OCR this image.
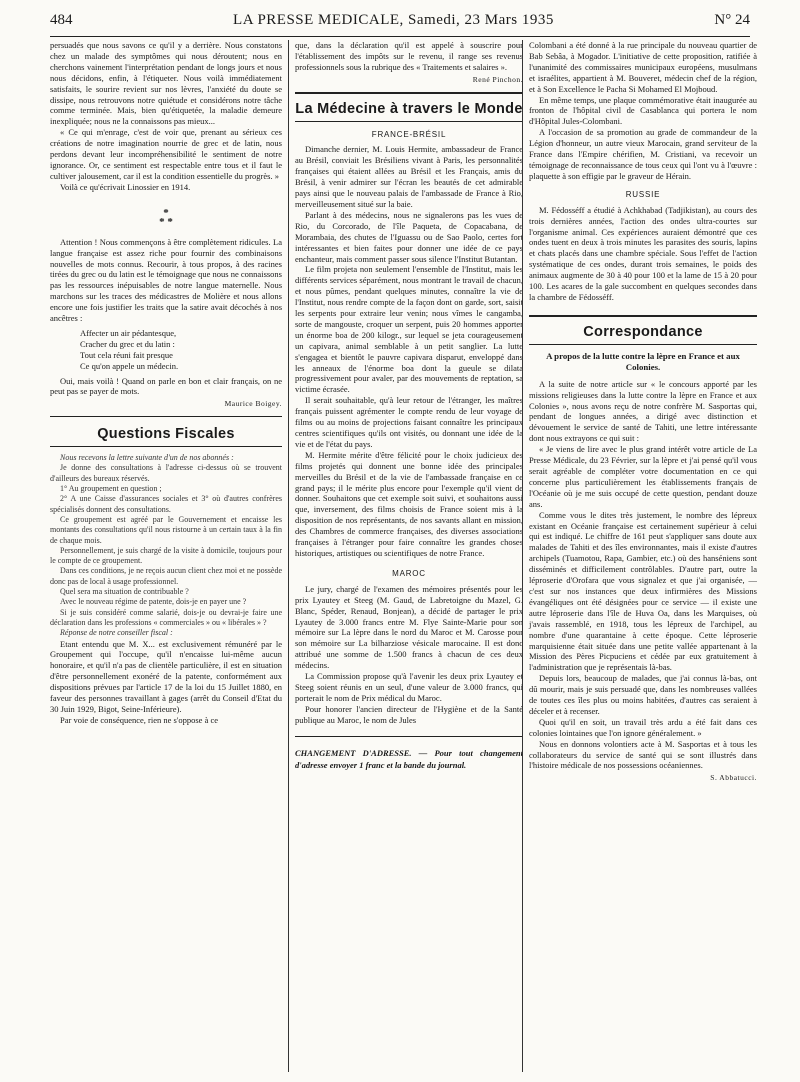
484	LA PRESSE MEDICALE, Samedi, 23 Mars 1935	N° 24

persuadés que nous savons ce qu'il y a derrière. Nous constatons chez un malade des symptômes qui nous déroutent; nous en cherchons vainement l'interprétation pendant de longs jours et nous nous décidons, enfin, à l'étiqueter. Nous voilà immédiatement satisfaits, le sourire revient sur nos lèvres, l'anxiété du doute se dissipe, nous retrouvons notre quiétude et considérons notre tâche comme terminée. Mais, bien qu'étiquetée, la maladie demeure inexpliquée; nous ne la connaissons pas mieux...

« Ce qui m'enrage, c'est de voir que, prenant au sérieux ces créations de notre imagination nourrie de grec et de latin, nous perdons devant leur incompréhensibilité le sentiment de notre ignorance. Or, ce sentiment est respectable entre tous et il faut le cultiver jalousement, car il est la condition essentielle du progrès. »

Voilà ce qu'écrivait Linossier en 1914.

*
* *

Attention ! Nous commençons à être complètement ridicules. La langue française est assez riche pour fournir des combinaisons nouvelles de mots connus. Recourir, à tous propos, à des racines tirées du grec ou du latin est le témoignage que nous ne connaissons pas les ressources inépuisables de notre langue maternelle. Nous marchons sur les traces des médicastres de Molière et nous allons encore une fois justifier les traits que la satire avait décochés à nos ancêtres :

Affecter un air pédantesque,
Cracher du grec et du latin :
Tout cela réuni fait presque
Ce qu'on appele un médecin.

Oui, mais voilà ! Quand on parle en bon et clair français, on ne peut pas se payer de mots.

Maurice Boigey.
Questions Fiscales

Nous recevons la lettre suivante d'un de nos abonnés :

Je donne des consultations à l'adresse ci-dessus où se trouvent d'ailleurs des bureaux réservés.

1° Au groupement en question ;

2° A une Caisse d'assurances sociales et 3° où d'autres confrères spécialisés donnent des consultations.

Ce groupement est agréé par le Gouvernement et encaisse les montants des consultations qu'il nous ristourne à un certain taux à la fin de chaque mois.

Personnellement, je suis chargé de la visite à domicile, toujours pour le compte de ce groupement.

Dans ces conditions, je ne reçois aucun client chez moi et ne possède donc pas de local à usage professionnel.

Quel sera ma situation de contribuable ?

Avec le nouveau régime de patente, dois-je en payer une ?

Si je suis considéré comme salarié, dois-je ou devrai-je faire une déclaration dans les professions « commerciales » ou « libérales » ?

Réponse de notre conseiller fiscal :

Etant entendu que M. X... est exclusivement rémunéré par le Groupement qui l'occupe, qu'il n'encaisse lui-même aucun honoraire, et qu'il n'a pas de clientèle particulière, il est en situation d'être personnellement exonéré de la patente, conformément aux dispositions prévues par l'article 17 de la loi du 15 Juillet 1880, en faveur des personnes travaillant à gages (arrêt du Conseil d'Etat du 30 Juin 1929, Bigot, Seine-Inférieure).

Par voie de conséquence, rien ne s'oppose à ce

que, dans la déclaration qu'il est appelé à souscrire pour l'établissement des impôts sur le revenu, il range ses revenus professionnels sous la rubrique des « Traitements et salaires ».

René Pinchon.
La Médecine à travers le Monde
FRANCE-BRÉSIL

Dimanche dernier, M. Louis Hermite, ambassadeur de France au Brésil, conviait les Brésiliens vivant à Paris, les personnalités françaises qui étaient allées au Brésil et les Français, amis du Brésil, à venir admirer sur l'écran les beautés de cet admirable pays ainsi que le nouveau palais de l'ambassade de France à Rio, merveilleusement situé sur la baie.

Parlant à des médecins, nous ne signalerons pas les vues de Rio, du Corcorado, de l'île Paqueta, de Copacabana, de Morambaia, des chutes de l'Iguassu ou de Sao Paolo, certes fort intéressantes et bien faites pour donner une idée de ce pays enchanteur, mais comment passer sous silence l'Institut Butantan.

Le film projeta non seulement l'ensemble de l'Institut, mais les différents services séparément, nous montrant le travail de chacun, et nous pûmes, pendant quelques minutes, connaître la vie de l'Institut, nous rendre compte de la façon dont on garde, sort, saisit les serpents pour extraire leur venin; nous vîmes le cangamba, sorte de mangouste, croquer un serpent, puis 20 hommes apporter un énorme boa de 200 kilogr., sur lequel se jeta courageusement un capivara, animal semblable à un petit sanglier. La lutte s'engagea et bientôt le pauvre capivara disparut, enveloppé dans les anneaux de l'énorme boa dont la gueule se dilata progressivement pour avaler, par des mouvements de reptation, sa victime écrasée.

Il serait souhaitable, qu'à leur retour de l'étranger, les maîtres français puissent agrémenter le compte rendu de leur voyage de films ou au moins de projections faisant connaître les principaux centres scientifiques qu'ils ont visités, ou donnant une idée de la vie et de l'état du pays.

M. Hermite mérite d'être félicité pour le choix judicieux des films projetés qui donnent une bonne idée des principales merveilles du Brésil et de la vie de l'ambassade française en ce grand pays; il le mérite plus encore pour l'exemple qu'il vient de donner. Souhaitons que cet exemple soit suivi, et souhaitons aussi que, inversement, des films choisis de France soient mis à la disposition de nos représentants, de nos savants allant en mission, des Chambres de commerce françaises, des diverses associations françaises à l'étranger pour faire connaître les grandes choses historiques, artistiques ou scientifiques de notre France.

MAROC

Le jury, chargé de l'examen des mémoires présentés pour les prix Lyautey et Steeg (M. Gaud, de Labretoigne du Mazel, G. Blanc, Spéder, Renaud, Bonjean), a décidé de partager le prix Lyautey de 3.000 francs entre M. Flye Sainte-Marie pour son mémoire sur La lèpre dans le nord du Maroc et M. Carosse pour son mémoire sur La bilharziose vésicale marocaine. Il est donc attribué une somme de 1.500 francs à chacun de ces deux médecins.

La Commission propose qu'à l'avenir les deux prix Lyautey et Steeg soient réunis en un seul, d'une valeur de 3.000 francs, qui porterait le nom de Prix médical du Maroc.

Pour honorer l'ancien directeur de l'Hygiène et de la Santé publique au Maroc, le nom de Jules

CHANGEMENT D'ADRESSE. — Pour tout changement d'adresse envoyer 1 franc et la bande du journal.

Colombani a été donné à la rue principale du nouveau quartier de Bab Sebâa, à Mogador. L'initiative de cette proposition, ratifiée à l'unanimité des commissaires municipaux européens, musulmans et israélites, appartient à M. Bouveret, médecin chef de la région, et à Son Excellence le Pacha Si Mohamed El Mojboud.

En même temps, une plaque commémorative était inaugurée au fronton de l'hôpital civil de Casablanca qui portera le nom d'Hôpital Jules-Colombani.

A l'occasion de sa promotion au grade de commandeur de la Légion d'honneur, un autre vieux Marocain, grand serviteur de la France dans l'Empire chérifien, M. Cristiani, va recevoir un témoignage de reconnaissance de tous ceux qui l'ont vu à l'œuvre : plaquette à son effigie par le graveur de Hérain.

RUSSIE

M. Fédosséff a étudié à Achkhabad (Tadjikistan), au cours des trois dernières années, l'action des ondes ultra-courtes sur l'organisme animal. Ces expériences auraient démontré que ces ondes tuent en deux à trois minutes les parasites des souris, lapins et chats placés dans une chambre spéciale. Sous l'effet de l'action systématique de ces ondes, durant trois semaines, le poids des animaux augmente de 30 à 40 pour 100 et la lame de 15 à 20 pour 100. Les acares de la gale succombent en quelques secondes dans la chambre de Fédosséff.

Correspondance
A propos de la lutte contre la lèpre en France et aux Colonies.

A la suite de notre article sur « le concours apporté par les missions religieuses dans la lutte contre la lèpre en France et aux Colonies », nous avons reçu de notre confrère M. Sasportas qui, pendant de longues années, a dirigé avec distinction et dévouement le service de santé de Tahiti, une lettre intéressante dont nous extrayons ce qui suit :

« Je viens de lire avec le plus grand intérêt votre article de La Presse Médicale, du 23 Février, sur la lèpre et j'ai pensé qu'il vous serait agréable de compléter votre documentation en ce qui concerne plus particulièrement les établissements français de l'Océanie où je me suis occupé de cette question, pendant douze ans.

Comme vous le dites très justement, le nombre des lépreux existant en Océanie française est certainement supérieur à celui qui est indiqué. Le chiffre de 161 peut s'appliquer sans doute aux malades de Tahiti et des îles environnantes, mais il existe d'autres archipels (Tuamotou, Rapa, Gambier, etc.) où des hanséniens sont disséminés et difficilement contrôlables. D'autre part, outre la léproserie d'Orofara que vous signalez et que j'ai organisée, — c'est sur nos instances que deux infirmières des Missions évangéliques ont été désignées pour ce service — il existe une autre léproserie dans l'île de Huva Oa, dans les Marquises, où j'avais rassemblé, en 1918, tous les lépreux de l'archipel, au nombre d'une quarantaine à cette époque. Cette léproserie marquisienne était située dans une petite vallée appartenant à la Mission des Pères Picpuciens et cédée par eux gratuitement à l'administration que je représentais là-bas.

Depuis lors, beaucoup de malades, que j'ai connus là-bas, ont dû mourir, mais je suis persuadé que, dans les nombreuses vallées de toutes ces îles plus ou moins habitées, d'autres cas seraient à déceler et à recenser.

Quoi qu'il en soit, un travail très ardu a été fait dans ces colonies lointaines que l'on ignore généralement. »

Nous en donnons volontiers acte à M. Sasportas et à tous les collaborateurs du service de santé qui se sont illustrés dans l'histoire médicale de nos possessions océaniennes.

S. Abbatucci.
